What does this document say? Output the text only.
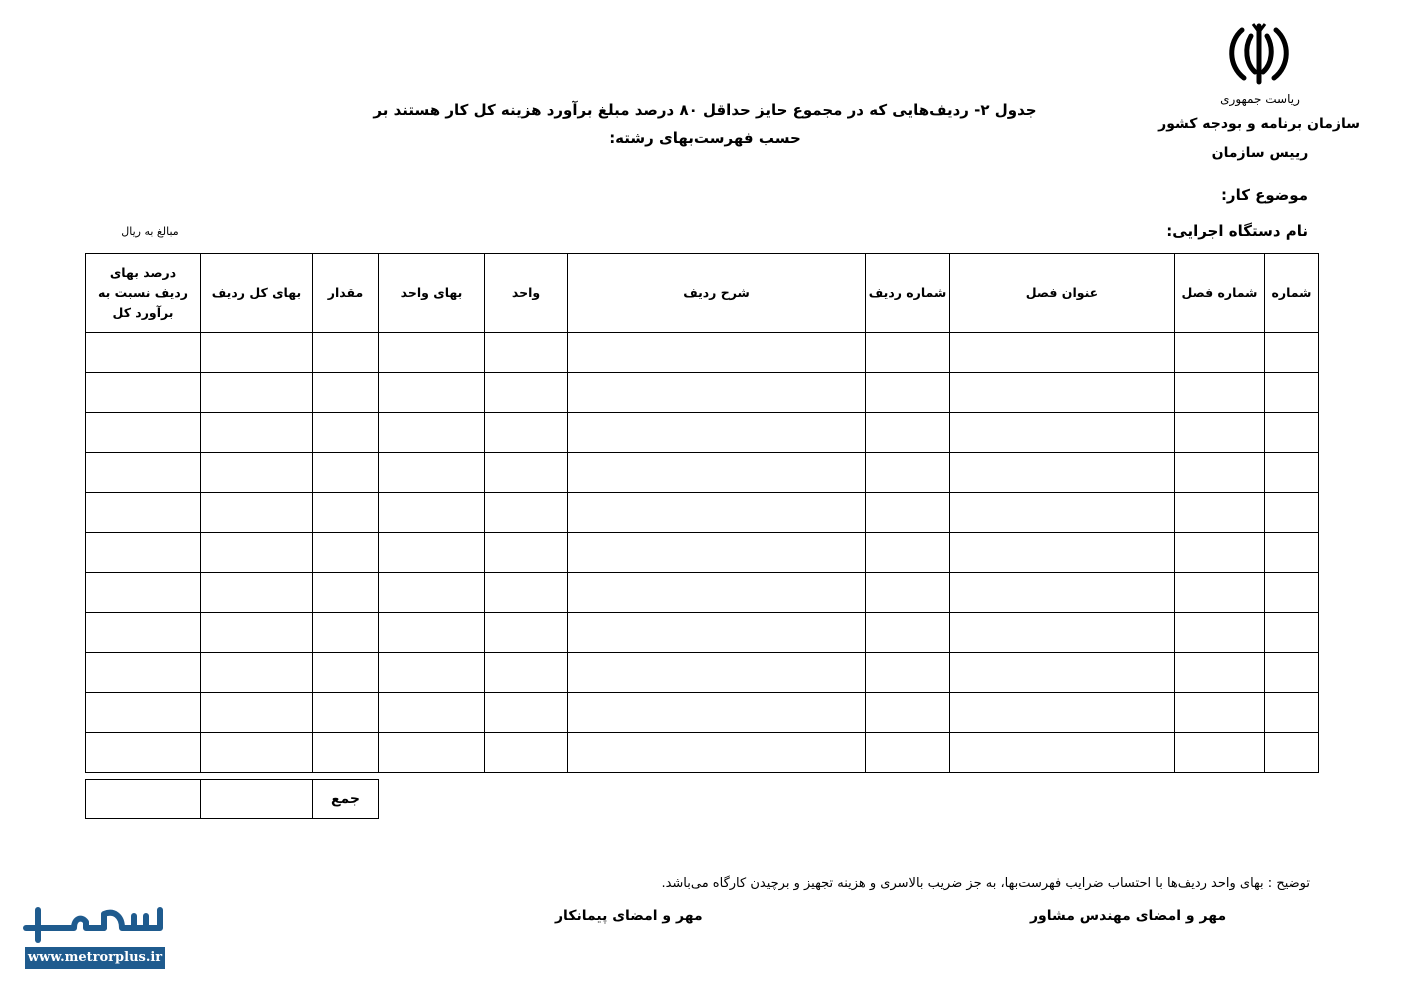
ریاست جمهوری
سازمان برنامه و بودجه کشور
رییس سازمان
جدول ۲- ردیف‌هایی که در مجموع حایز حداقل ۸۰ درصد مبلغ برآورد هزینه کل کار هستند بر حسب فهرست‌بهای رشته:
موضوع کار:
نام دستگاه اجرایی:
مبالغ به ریال
شماره	شماره فصل	عنوان فصل	شماره ردیف	شرح ردیف	واحد	بهای واحد	مقدار	بهای کل ردیف	درصد بهای ردیف نسبت به برآورد کل

جمع		
توضیح : بهای واحد ردیف‌ها با احتساب ضرایب فهرست‌بها، به جز ضریب بالاسری و هزینه تجهیز و برچیدن کارگاه می‌باشد.
مهر و امضای مهندس مشاور
مهر و امضای پیمانکار
www.metrorplus.ir
